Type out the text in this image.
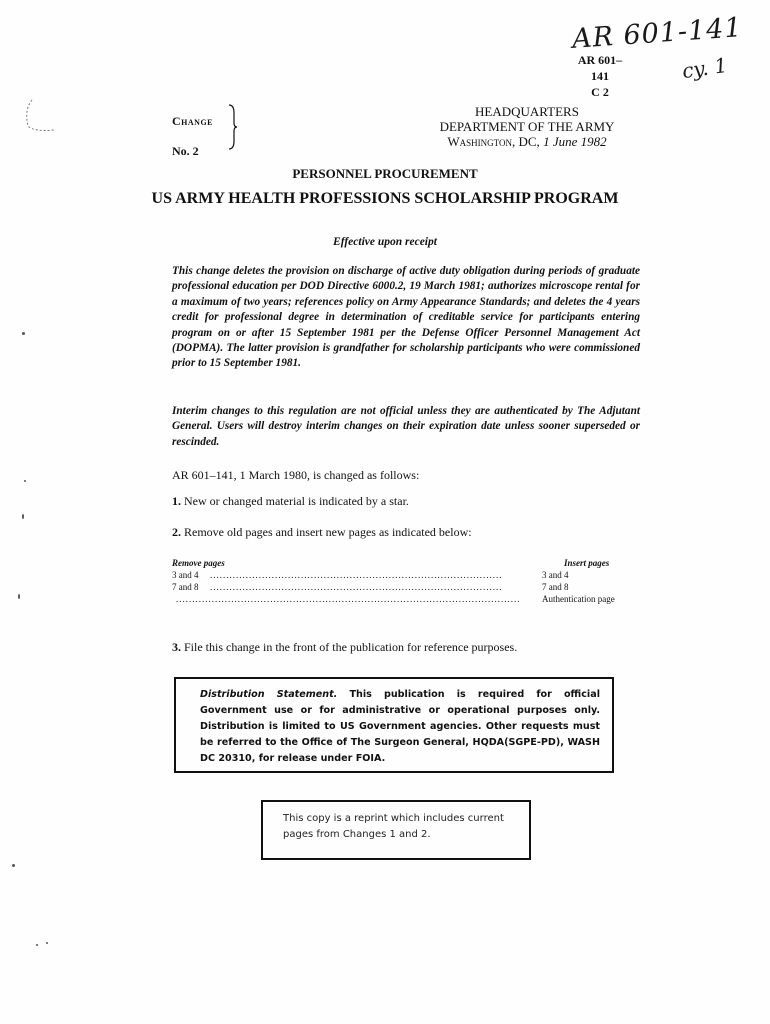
AR 601-141
cy. 1
AR 601–141
C 2
Change
No. 2
HEADQUARTERS
DEPARTMENT OF THE ARMY
Washington, DC, 1 June 1982
PERSONNEL PROCUREMENT
US ARMY HEALTH PROFESSIONS SCHOLARSHIP PROGRAM
Effective upon receipt
This change deletes the provision on discharge of active duty obligation during periods of graduate professional education per DOD Directive 6000.2, 19 March 1981; authorizes microscope rental for a maximum of two years; references policy on Army Appearance Standards; and deletes the 4 years credit for professional degree in determination of creditable service for participants entering program on or after 15 September 1981 per the Defense Officer Personnel Management Act (DOPMA). The latter provision is grandfather for scholarship participants who were commissioned prior to 15 September 1981.
Interim changes to this regulation are not official unless they are authenticated by The Adjutant General. Users will destroy interim changes on their expiration date unless sooner superseded or rescinded.
AR 601–141, 1 March 1980, is changed as follows:
1. New or changed material is indicated by a star.
2. Remove old pages and insert new pages as indicated below:
Remove pages	Insert pages
3 and 4 ..........................................................................................	3 and 4
7 and 8 ..........................................................................................	7 and 8
..........................................................................................................	Authentication page
3. File this change in the front of the publication for reference purposes.
Distribution Statement. This publication is required for official Government use or for administrative or operational purposes only. Distribution is limited to US Government agencies. Other requests must be referred to the Office of The Surgeon General, HQDA(SGPE-PD), WASH DC 20310, for release under FOIA.
This copy is a reprint which includes current pages from Changes 1 and 2.
